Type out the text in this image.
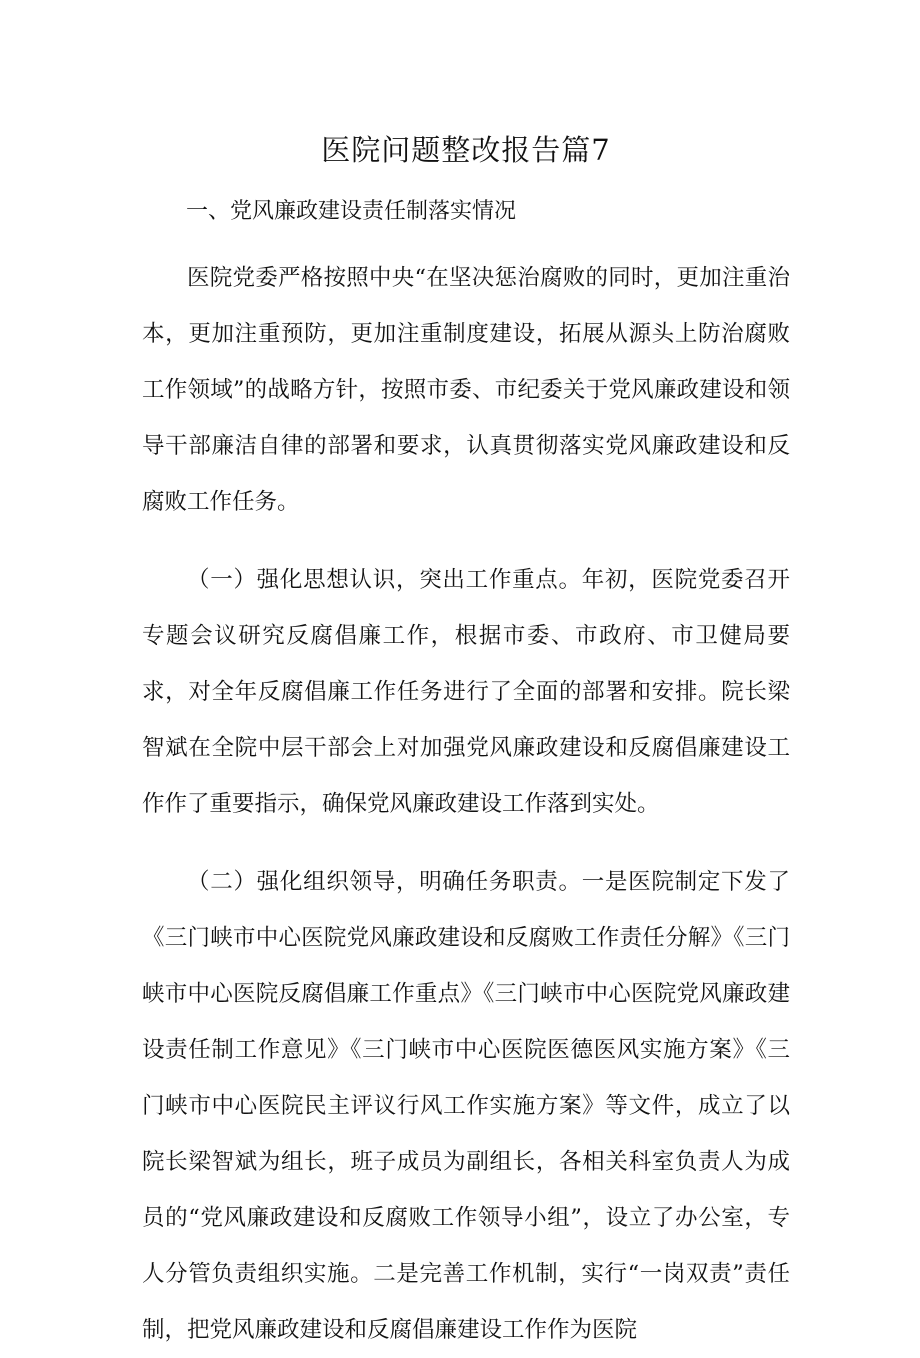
医院问题整改报告篇7

一、党风廉政建设责任制落实情况

医院党委严格按照中央“在坚决惩治腐败的同时，更加注重治本，更加注重预防，更加注重制度建设，拓展从源头上防治腐败工作领域”的战略方针，按照市委、市纪委关于党风廉政建设和领导干部廉洁自律的部署和要求，认真贯彻落实党风廉政建设和反腐败工作任务。

（一）强化思想认识，突出工作重点。年初，医院党委召开专题会议研究反腐倡廉工作，根据市委、市政府、市卫健局要求，对全年反腐倡廉工作任务进行了全面的部署和安排。院长梁智斌在全院中层干部会上对加强党风廉政建设和反腐倡廉建设工作作了重要指示，确保党风廉政建设工作落到实处。

（二）强化组织领导，明确任务职责。一是医院制定下发了《三门峡市中心医院党风廉政建设和反腐败工作责任分解》《三门峡市中心医院反腐倡廉工作重点》《三门峡市中心医院党风廉政建设责任制工作意见》《三门峡市中心医院医德医风实施方案》《三门峡市中心医院民主评议行风工作实施方案》等文件，成立了以院长梁智斌为组长，班子成员为副组长，各相关科室负责人为成员的“党风廉政建设和反腐败工作领导小组”，设立了办公室，专人分管负责组织实施。二是完善工作机制，实行“一岗双责”责任制，把党风廉政建设和反腐倡廉建设工作作为医院
